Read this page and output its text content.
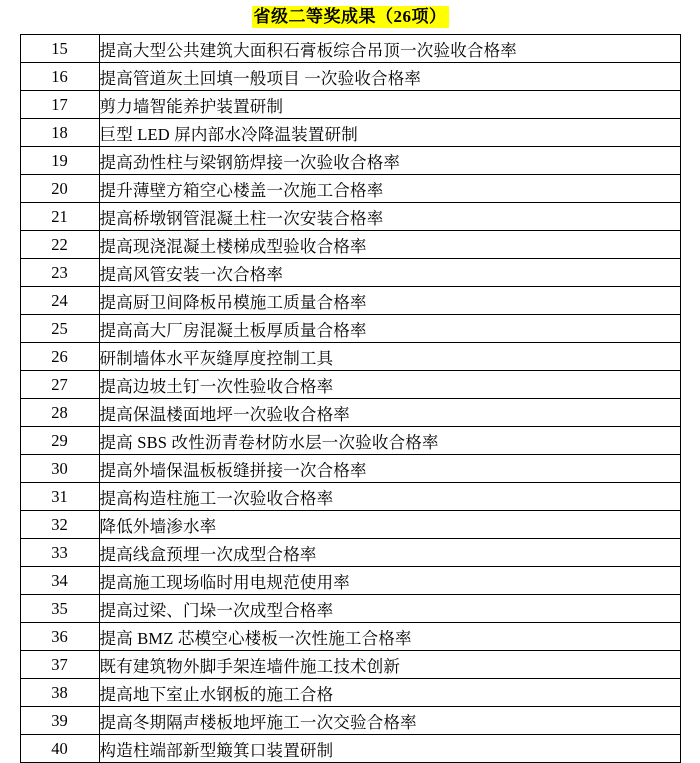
省级二等奖成果（26项）
15	提高大型公共建筑大面积石膏板综合吊顶一次验收合格率
16	提高管道灰土回填一般项目 一次验收合格率
17	剪力墙智能养护装置研制
18	巨型 LED 屏内部水冷降温装置研制
19	提高劲性柱与梁钢筋焊接一次验收合格率
20	提升薄壁方箱空心楼盖一次施工合格率
21	提高桥墩钢管混凝土柱一次安装合格率
22	提高现浇混凝土楼梯成型验收合格率
23	提高风管安装一次合格率
24	提高厨卫间降板吊模施工质量合格率
25	提高高大厂房混凝土板厚质量合格率
26	研制墙体水平灰缝厚度控制工具
27	提高边坡土钉一次性验收合格率
28	提高保温楼面地坪一次验收合格率
29	提高 SBS 改性沥青卷材防水层一次验收合格率
30	提高外墙保温板板缝拼接一次合格率
31	提高构造柱施工一次验收合格率
32	降低外墙渗水率
33	提高线盒预埋一次成型合格率
34	提高施工现场临时用电规范使用率
35	提高过梁、门垛一次成型合格率
36	提高 BMZ 芯模空心楼板一次性施工合格率
37	既有建筑物外脚手架连墙件施工技术创新
38	提高地下室止水钢板的施工合格
39	提高冬期隔声楼板地坪施工一次交验合格率
40	构造柱端部新型簸箕口装置研制
